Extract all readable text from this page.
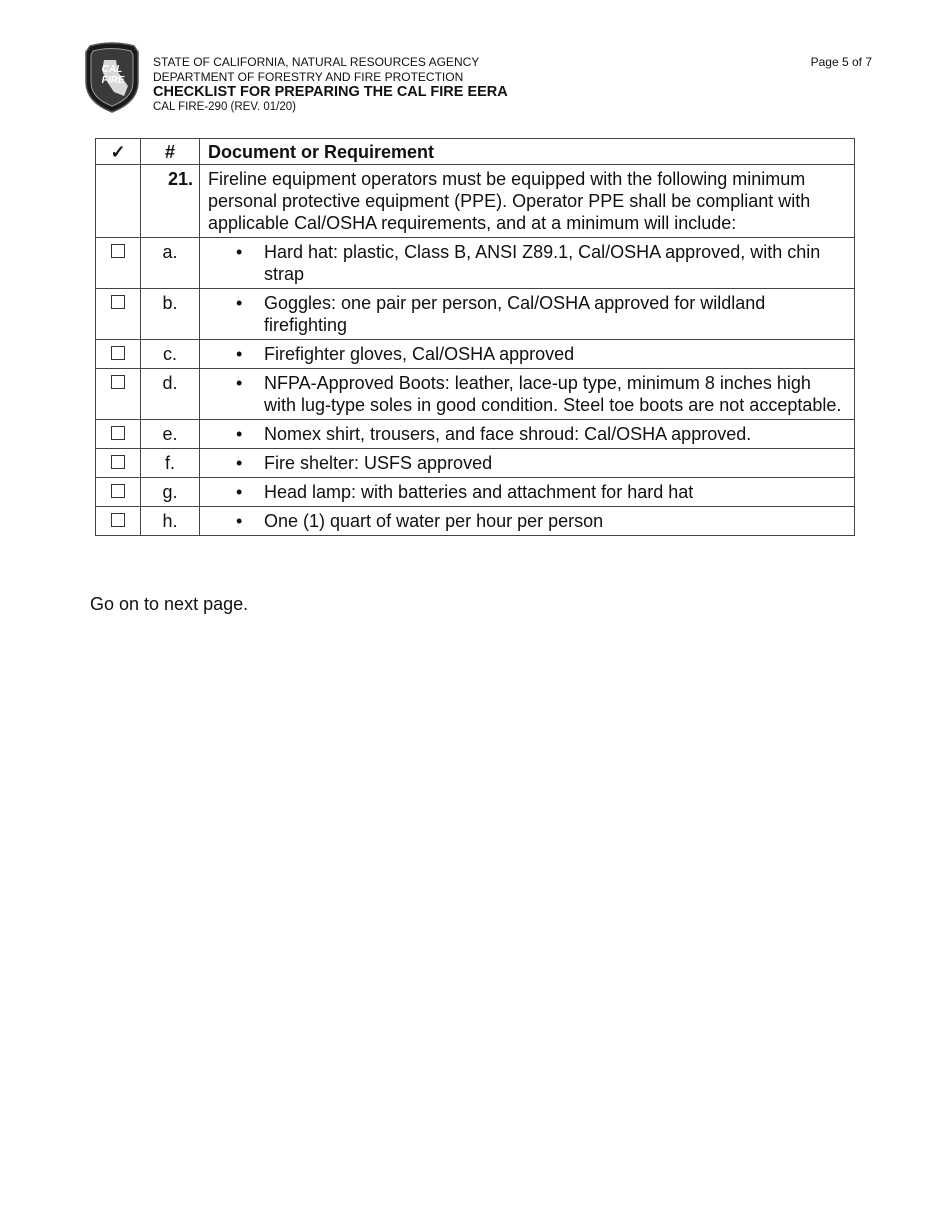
CAL
FIRE
STATE OF CALIFORNIA, NATURAL RESOURCES AGENCY
DEPARTMENT OF FORESTRY AND FIRE PROTECTION
CHECKLIST FOR PREPARING THE CAL FIRE EERA
CAL FIRE-290 (REV. 01/20)
Page 5 of 7
✓	#	Document or Requirement
	21.	Fireline equipment operators must be equipped with the following minimum personal protective equipment (PPE). Operator PPE shall be compliant with applicable Cal/OSHA requirements, and at a minimum will include:
	a.	• Hard hat: plastic, Class B, ANSI Z89.1, Cal/OSHA approved, with chin strap

	b.	• Goggles: one pair per person, Cal/OSHA approved for wildland firefighting

	c.	• Firefighter gloves, Cal/OSHA approved

	d.	• NFPA-Approved Boots: leather, lace-up type, minimum 8 inches high with lug-type soles in good condition. Steel toe boots are not acceptable.

	e.	• Nomex shirt, trousers, and face shroud: Cal/OSHA approved.

	f.	• Fire shelter: USFS approved

	g.	• Head lamp: with batteries and attachment for hard hat

	h.	• One (1) quart of water per hour per person
Go on to next page.
